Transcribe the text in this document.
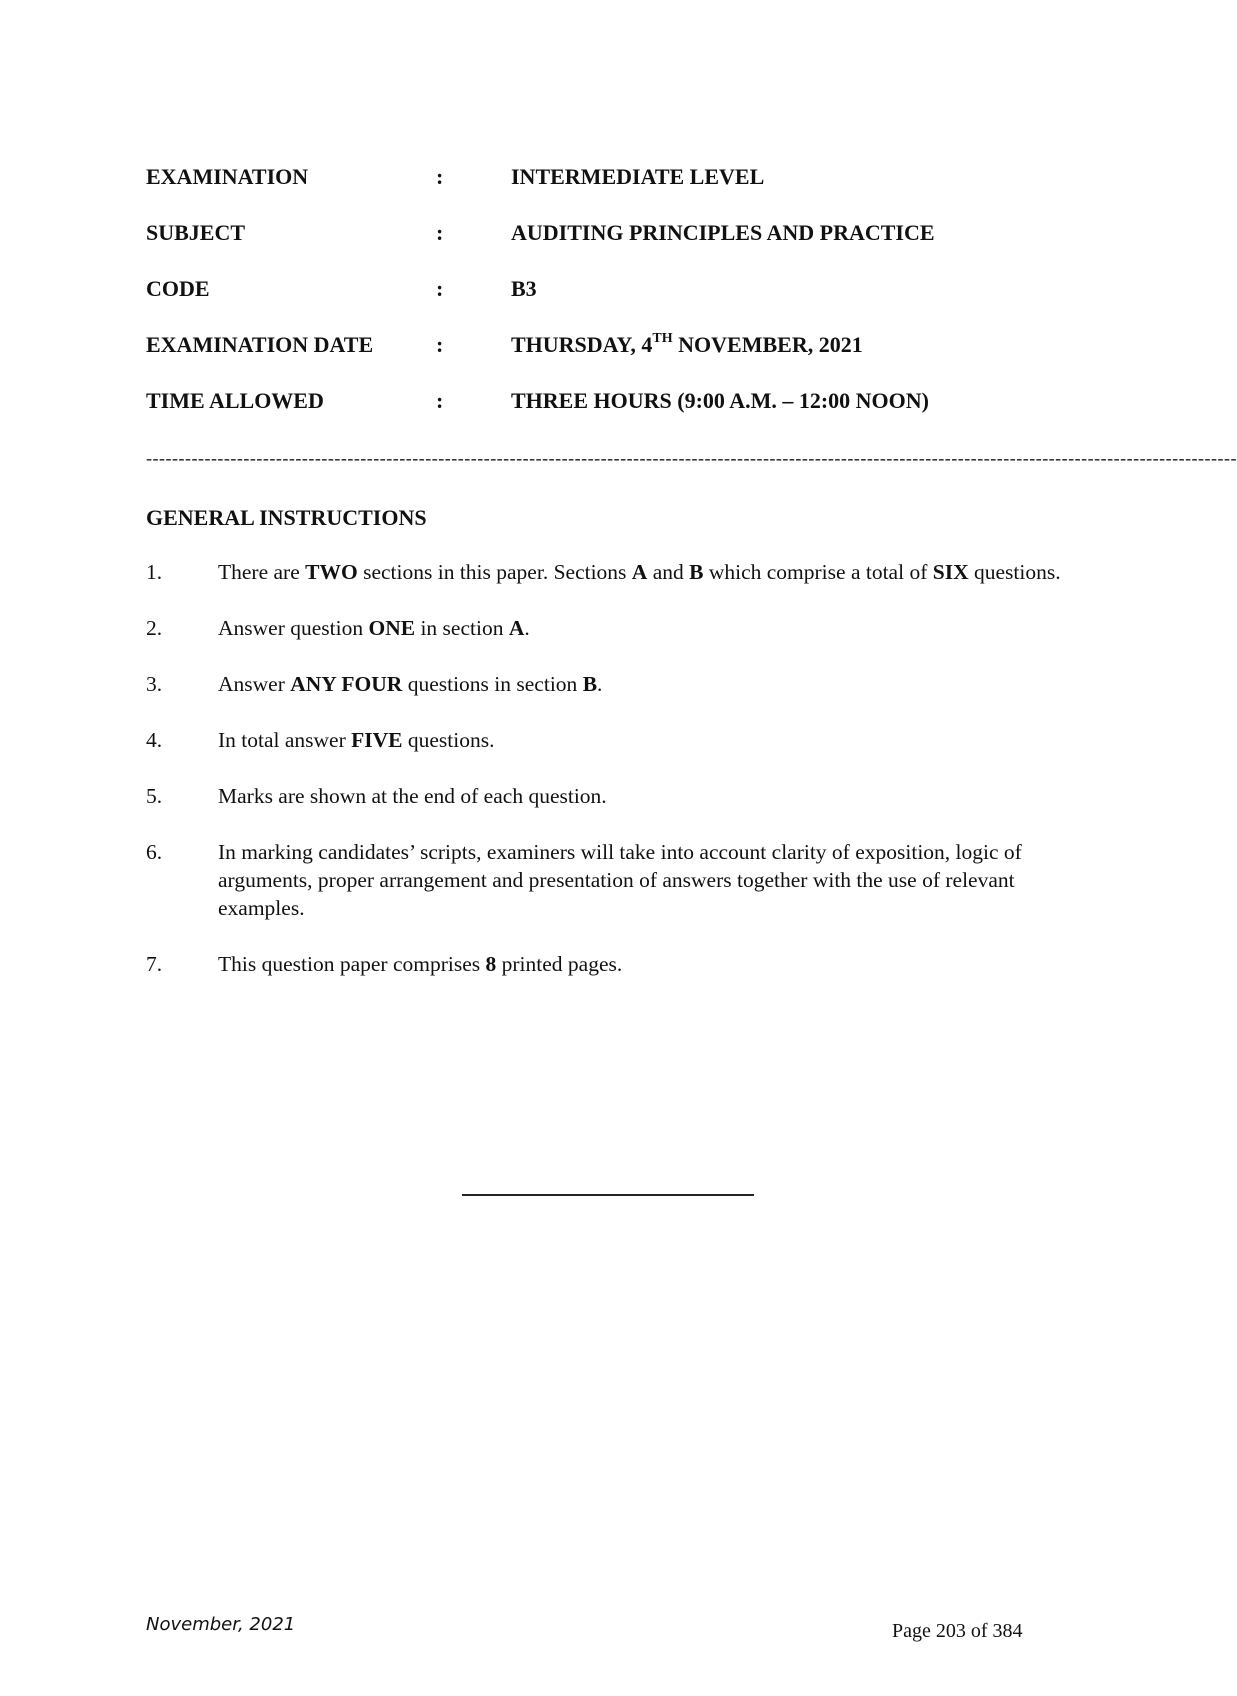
EXAMINATION	:	INTERMEDIATE LEVEL
SUBJECT	:	AUDITING PRINCIPLES AND PRACTICE
CODE	:	B3
EXAMINATION DATE	:	THURSDAY, 4TH NOVEMBER, 2021
TIME ALLOWED	:	THREE HOURS (9:00 A.M. – 12:00 NOON)
------------------------------------------------------------------------------------------------------------------------------------------------------------------------
GENERAL INSTRUCTIONS
1.	There are TWO sections in this paper. Sections A and B which comprise a total of SIX questions.
2.	Answer question ONE in section A.
3.	Answer ANY FOUR questions in section B.
4.	In total answer FIVE questions.
5.	Marks are shown at the end of each question.
6.	In marking candidates’ scripts, examiners will take into account clarity of exposition, logic of arguments, proper arrangement and presentation of answers together with the use of relevant examples.
7.	This question paper comprises 8 printed pages.
November, 2021	Page 203 of 384
